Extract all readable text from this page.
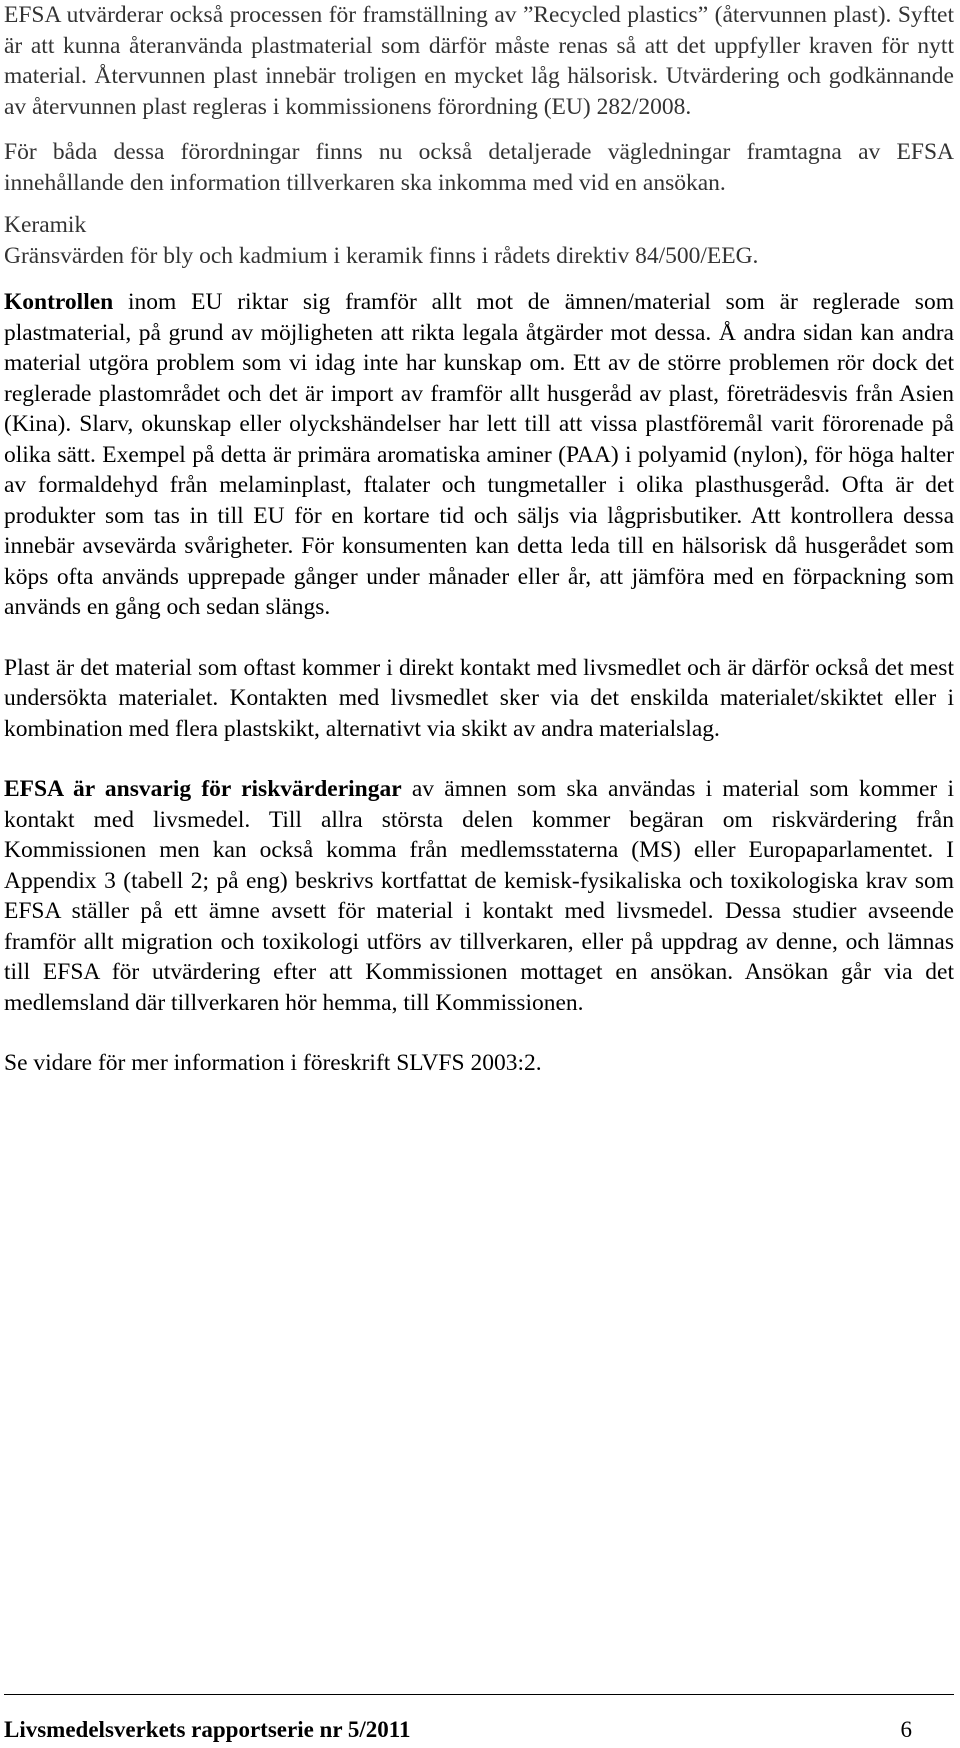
EFSA utvärderar också processen för framställning av ”Recycled plastics” (återvunnen plast). Syftet är att kunna återanvända plastmaterial som därför måste renas så att det uppfyller kraven för nytt material. Återvunnen plast innebär troligen en mycket låg hälsorisk. Utvärdering och godkännande av återvunnen plast regleras i kommissionens förordning (EU) 282/2008.

För båda dessa förordningar finns nu också detaljerade vägledningar framtagna av EFSA innehållande den information tillverkaren ska inkomma med vid en ansökan.

Keramik

Gränsvärden för bly och kadmium i keramik finns i rådets direktiv 84/500/EEG.

Kontrollen inom EU riktar sig framför allt mot de ämnen/material som är reglerade som plastmaterial, på grund av möjligheten att rikta legala åtgärder mot dessa. Å andra sidan kan andra material utgöra problem som vi idag inte har kunskap om. Ett av de större problemen rör dock det reglerade plastområdet och det är import av framför allt husgeråd av plast, företrädesvis från Asien (Kina). Slarv, okunskap eller olyckshändelser har lett till att vissa plastföremål varit förorenade på olika sätt. Exempel på detta är primära aromatiska aminer (PAA) i polyamid (nylon), för höga halter av formaldehyd från melaminplast, ftalater och tungmetaller i olika plasthusgeråd. Ofta är det produkter som tas in till EU för en kortare tid och säljs via lågprisbutiker. Att kontrollera dessa innebär avsevärda svårigheter. För konsumenten kan detta leda till en hälsorisk då husgerådet som köps ofta används upprepade gånger under månader eller år, att jämföra med en förpackning som används en gång och sedan slängs.

Plast är det material som oftast kommer i direkt kontakt med livsmedlet och är därför också det mest undersökta materialet. Kontakten med livsmedlet sker via det enskilda materialet/skiktet eller i kombination med flera plastskikt, alternativt via skikt av andra materialslag.

EFSA är ansvarig för riskvärderingar av ämnen som ska användas i material som kommer i kontakt med livsmedel. Till allra största delen kommer begäran om riskvärdering från Kommissionen men kan också komma från medlemsstaterna (MS) eller Europaparlamentet. I Appendix 3 (tabell 2; på eng) beskrivs kortfattat de kemisk-fysikaliska och toxikologiska krav som EFSA ställer på ett ämne avsett för material i kontakt med livsmedel. Dessa studier avseende framför allt migration och toxikologi utförs av tillverkaren, eller på uppdrag av denne, och lämnas till EFSA för utvärdering efter att Kommissionen mottaget en ansökan. Ansökan går via det medlemsland där tillverkaren hör hemma, till Kommissionen.

Se vidare för mer information i föreskrift SLVFS 2003:2.

Livsmedelsverkets rapportserie nr 5/2011	6
